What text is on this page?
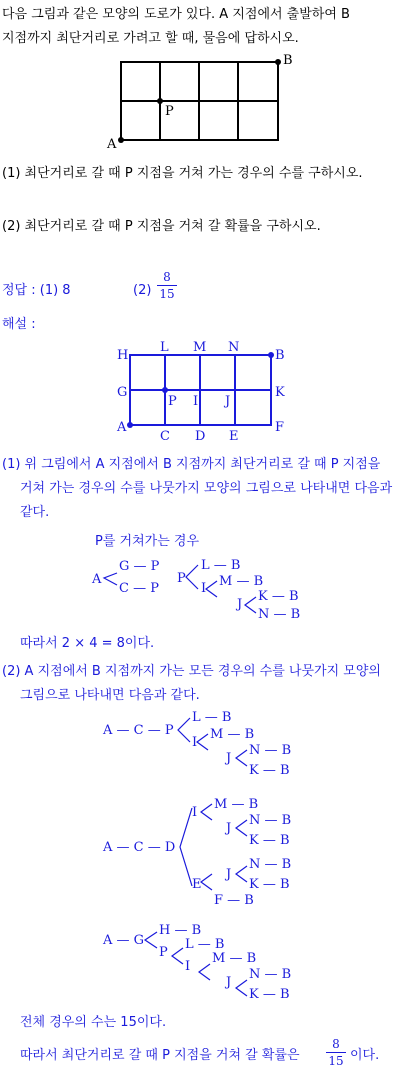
다음 그림과 같은 모양의 도로가 있다. A 지점에서 출발하여 B
지점까지 최단거리로 가려고 할 때, 물음에 답하시오.
A
B
P
(1) 최단거리로 갈 때 P 지점을 거쳐 가는 경우의 수를 구하시오.
(2) 최단거리로 갈 때 P 지점을 거쳐 갈 확률을 구하시오.
정답 : (1) 8	(2)
8
15
해설 :
H
L M N
B
G
P I J
K
A
C D E
F
(1) 위 그림에서 A 지점에서 B 지점까지 최단거리로 갈 때 P 지점을
거쳐 가는 경우의 수를 나뭇가지 모양의 그림으로 나타내면 다음과
같다.
P를 거쳐가는 경우
A
G — P
C — P
P
L — B
I M — B
J
K — B
N — B
따라서 2 × 4 = 8이다.
(2) A 지점에서 B 지점까지 가는 모든 경우의 수를 나뭇가지 모양의
그림으로 나타내면 다음과 같다.
A — C — P
L — B
I
M — B
J
N — B
K — B
A — C — D
I
M — B
J
N — B
K — B
E
J
N — B
K — B
F — B
A — G
H — B
P
L — B
I
M — B
J
N — B
K — B
전체 경우의 수는 15이다.
따라서 최단거리로 갈 때 P 지점을 거쳐 갈 확률은
8
15 이다.
